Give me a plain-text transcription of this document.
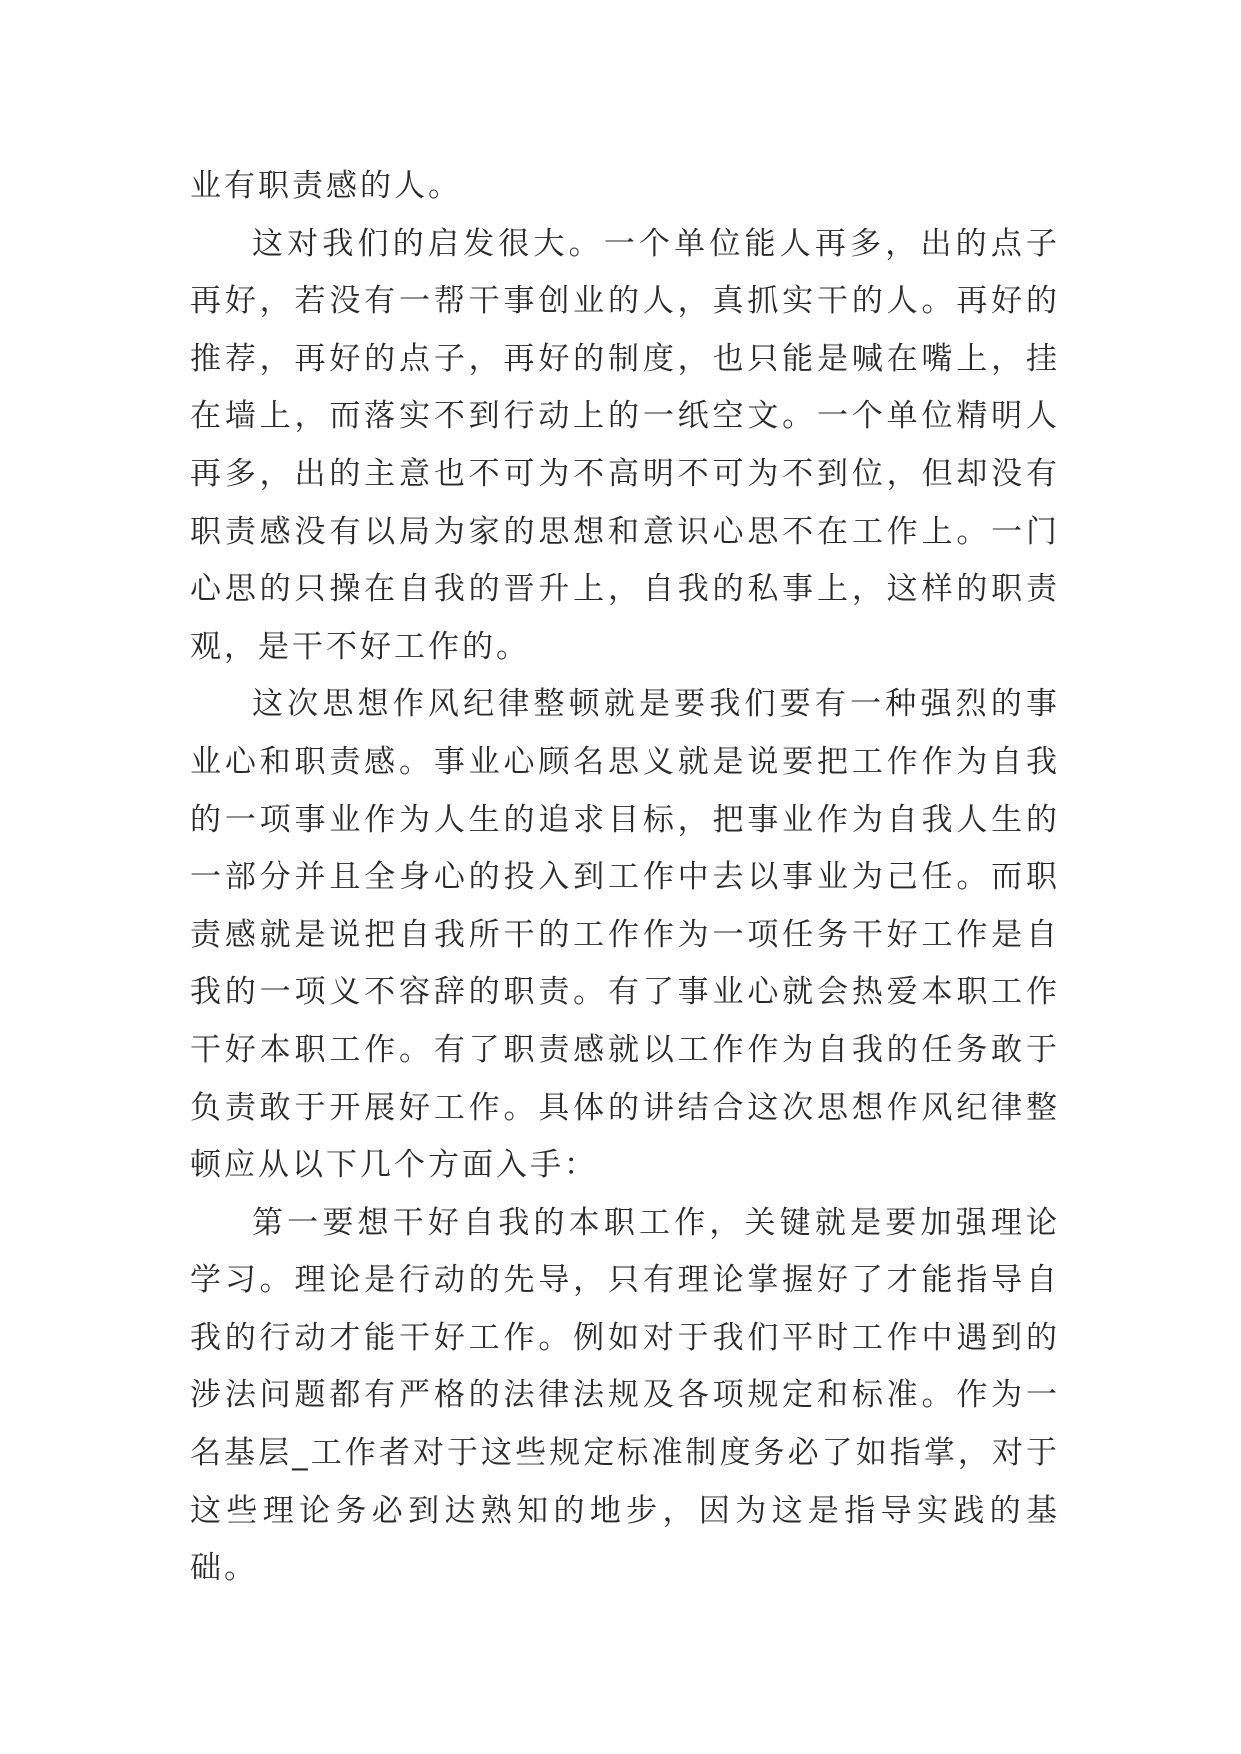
业有职责感的人。

这对我们的启发很大。一个单位能人再多，出的点子再好，若没有一帮干事创业的人，真抓实干的人。再好的推荐，再好的点子，再好的制度，也只能是喊在嘴上，挂在墙上，而落实不到行动上的一纸空文。一个单位精明人再多，出的主意也不可为不高明不可为不到位，但却没有职责感没有以局为家的思想和意识心思不在工作上。一门心思的只操在自我的晋升上，自我的私事上，这样的职责观，是干不好工作的。

这次思想作风纪律整顿就是要我们要有一种强烈的事业心和职责感。事业心顾名思义就是说要把工作作为自我的一项事业作为人生的追求目标，把事业作为自我人生的一部分并且全身心的投入到工作中去以事业为己任。而职责感就是说把自我所干的工作作为一项任务干好工作是自我的一项义不容辞的职责。有了事业心就会热爱本职工作干好本职工作。有了职责感就以工作作为自我的任务敢于负责敢于开展好工作。具体的讲结合这次思想作风纪律整顿应从以下几个方面入手：

第一要想干好自我的本职工作，关键就是要加强理论学习。理论是行动的先导，只有理论掌握好了才能指导自我的行动才能干好工作。例如对于我们平时工作中遇到的涉法问题都有严格的法律法规及各项规定和标准。作为一名基层_工作者对于这些规定标准制度务必了如指掌，对于这些理论务必到达熟知的地步，因为这是指导实践的基础。
